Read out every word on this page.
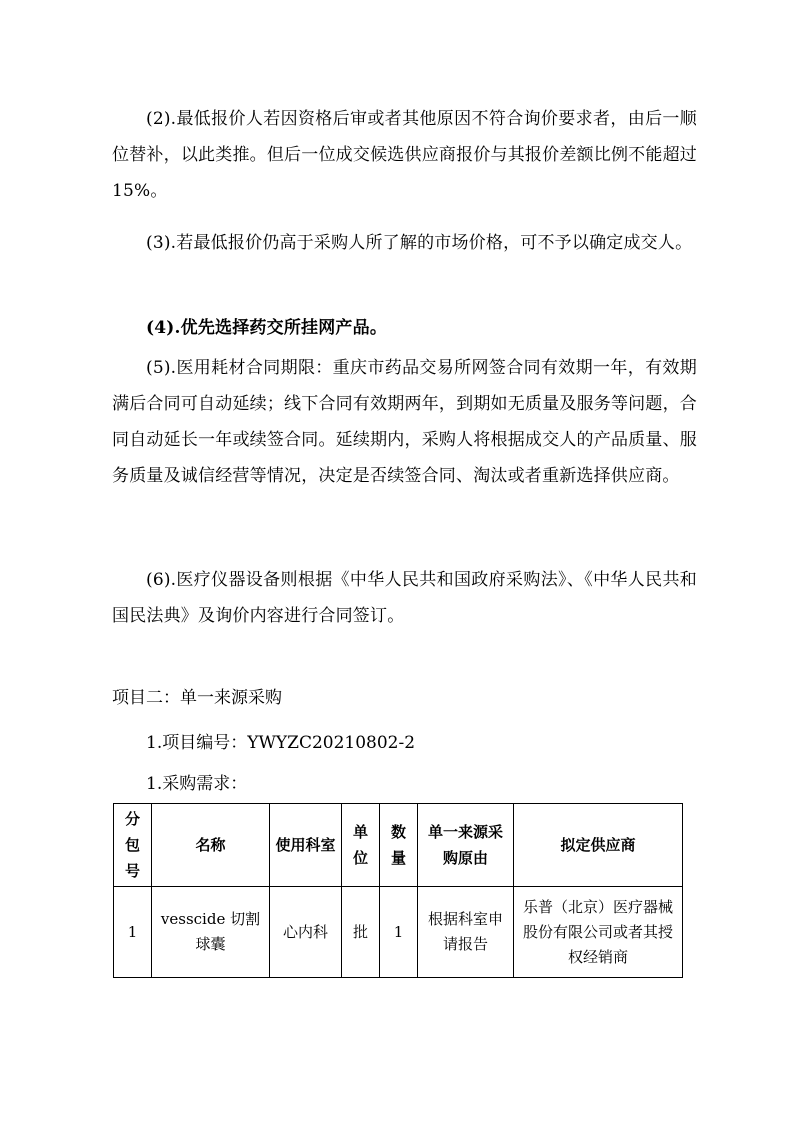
(2).最低报价人若因资格后审或者其他原因不符合询价要求者，由后一顺位替补，以此类推。但后一位成交候选供应商报价与其报价差额比例不能超过 15%。

(3).若最低报价仍高于采购人所了解的市场价格，可不予以确定成交人。

(4).优先选择药交所挂网产品。

(5).医用耗材合同期限：重庆市药品交易所网签合同有效期一年，有效期满后合同可自动延续；线下合同有效期两年，到期如无质量及服务等问题，合同自动延长一年或续签合同。延续期内，采购人将根据成交人的产品质量、服务质量及诚信经营等情况，决定是否续签合同、淘汰或者重新选择供应商。

(6).医疗仪器设备则根据《中华人民共和国政府采购法》、《中华人民共和国民法典》及询价内容进行合同签订。

项目二：单一来源采购

1.项目编号：YWYZC20210802-2

1.采购需求：

分包号	名称	使用科室	单位	数量	单一来源采购原由	拟定供应商
1	vesscide 切割球囊	心内科	批	1	根据科室申请报告	乐普（北京）医疗器械股份有限公司或者其授权经销商
